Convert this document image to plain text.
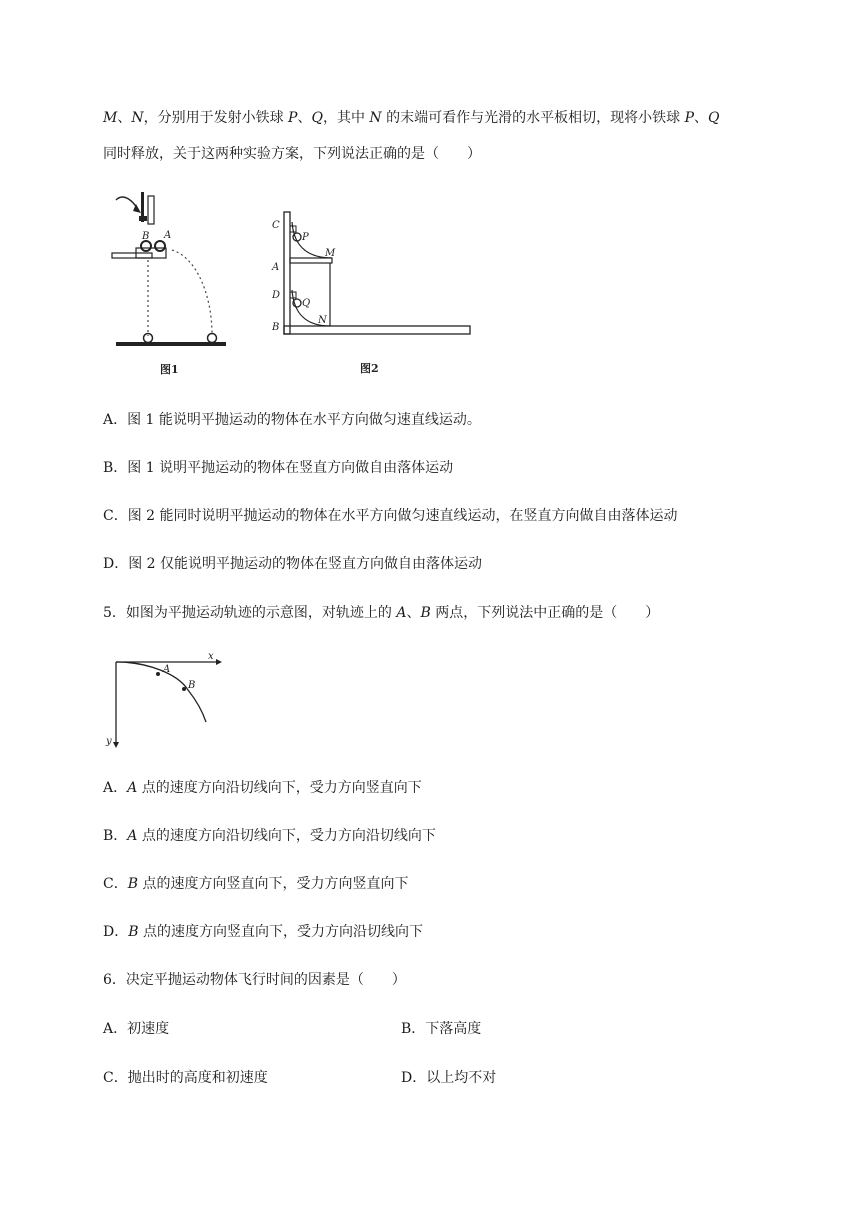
M、N，分别用于发射小铁球 P、Q，其中 N 的末端可看作与光滑的水平板相切，现将小铁球 P、Q
同时释放，关于这两种实验方案，下列说法正确的是（　　）
B A
图1
C
P
M
A
D
Q
N
B
图2
A．图 1 能说明平抛运动的物体在水平方向做匀速直线运动。
B．图 1 说明平抛运动的物体在竖直方向做自由落体运动
C．图 2 能同时说明平抛运动的物体在水平方向做匀速直线运动，在竖直方向做自由落体运动
D．图 2 仅能说明平抛运动的物体在竖直方向做自由落体运动
5．如图为平抛运动轨迹的示意图，对轨迹上的 A、B 两点，下列说法中正确的是（　　）
x
y
A
B
A．A 点的速度方向沿切线向下，受力方向竖直向下
B．A 点的速度方向沿切线向下，受力方向沿切线向下
C．B 点的速度方向竖直向下，受力方向竖直向下
D．B 点的速度方向竖直向下，受力方向沿切线向下
6．决定平抛运动物体飞行时间的因素是（　　）
A．初速度	B．下落高度
C．抛出时的高度和初速度	D．以上均不对
